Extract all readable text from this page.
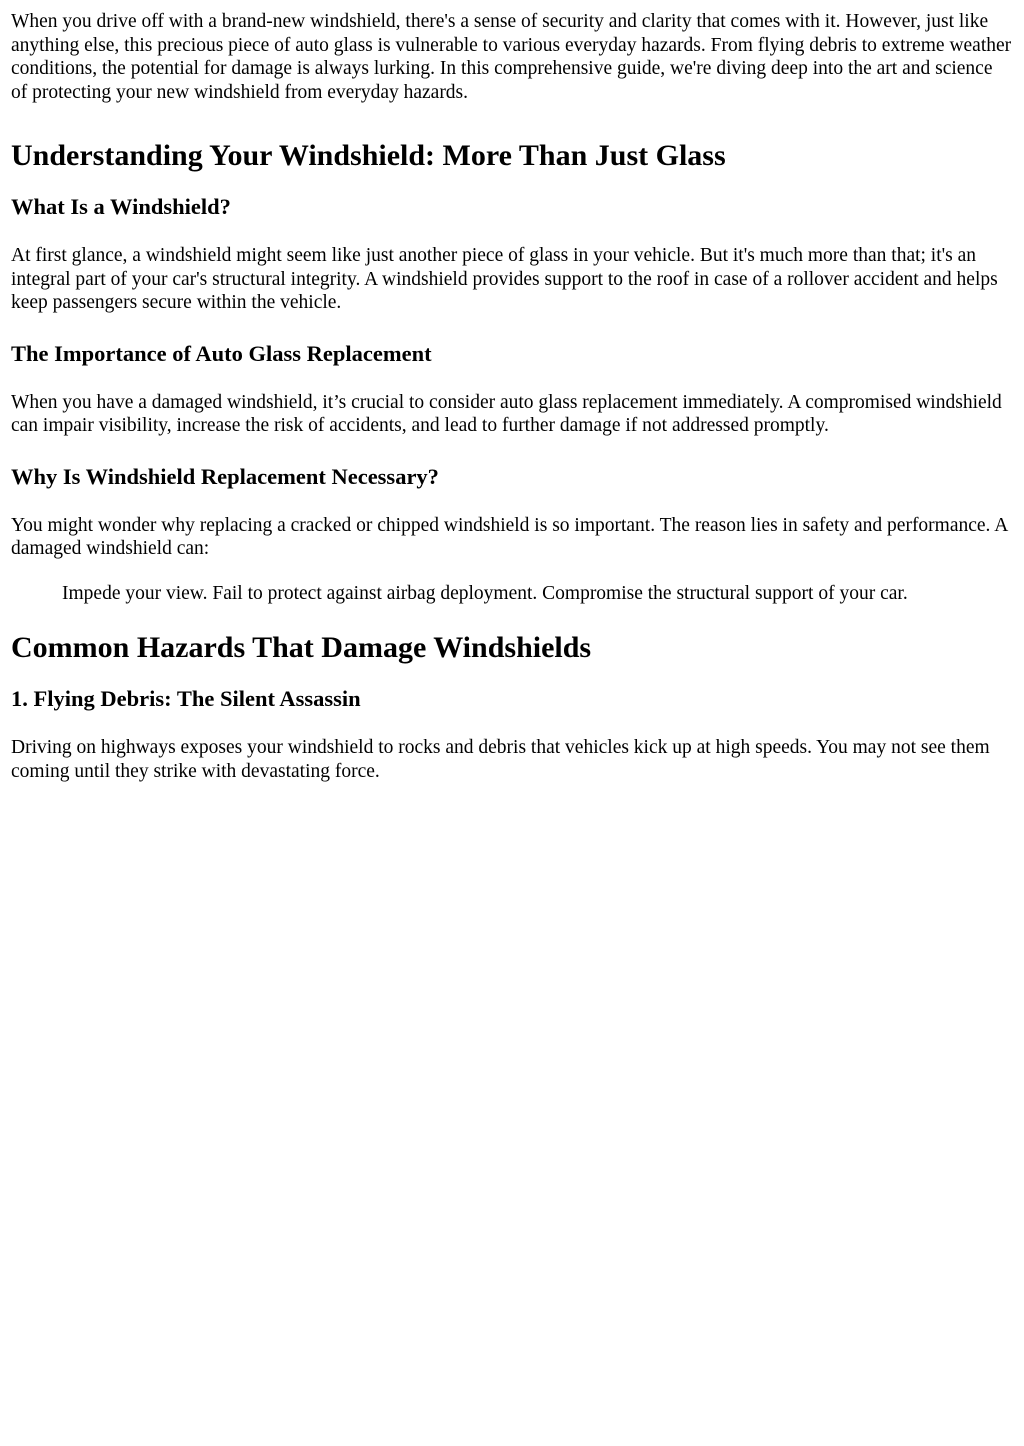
When you drive off with a brand-new windshield, there's a sense of security and clarity that comes with it. However, just like anything else, this precious piece of auto glass is vulnerable to various everyday hazards. From flying debris to extreme weather conditions, the potential for damage is always lurking. In this comprehensive guide, we're diving deep into the art and science of protecting your new windshield from everyday hazards.

Understanding Your Windshield: More Than Just Glass
What Is a Windshield?

At first glance, a windshield might seem like just another piece of glass in your vehicle. But it's much more than that; it's an integral part of your car's structural integrity. A windshield provides support to the roof in case of a rollover accident and helps keep passengers secure within the vehicle.

The Importance of Auto Glass Replacement

When you have a damaged windshield, it’s crucial to consider auto glass replacement immediately. A compromised windshield can impair visibility, increase the risk of accidents, and lead to further damage if not addressed promptly.

Why Is Windshield Replacement Necessary?

You might wonder why replacing a cracked or chipped windshield is so important. The reason lies in safety and performance. A damaged windshield can:

Impede your view. Fail to protect against airbag deployment. Compromise the structural support of your car.

Common Hazards That Damage Windshields
1. Flying Debris: The Silent Assassin

Driving on highways exposes your windshield to rocks and debris that vehicles kick up at high speeds. You may not see them coming until they strike with devastating force.
